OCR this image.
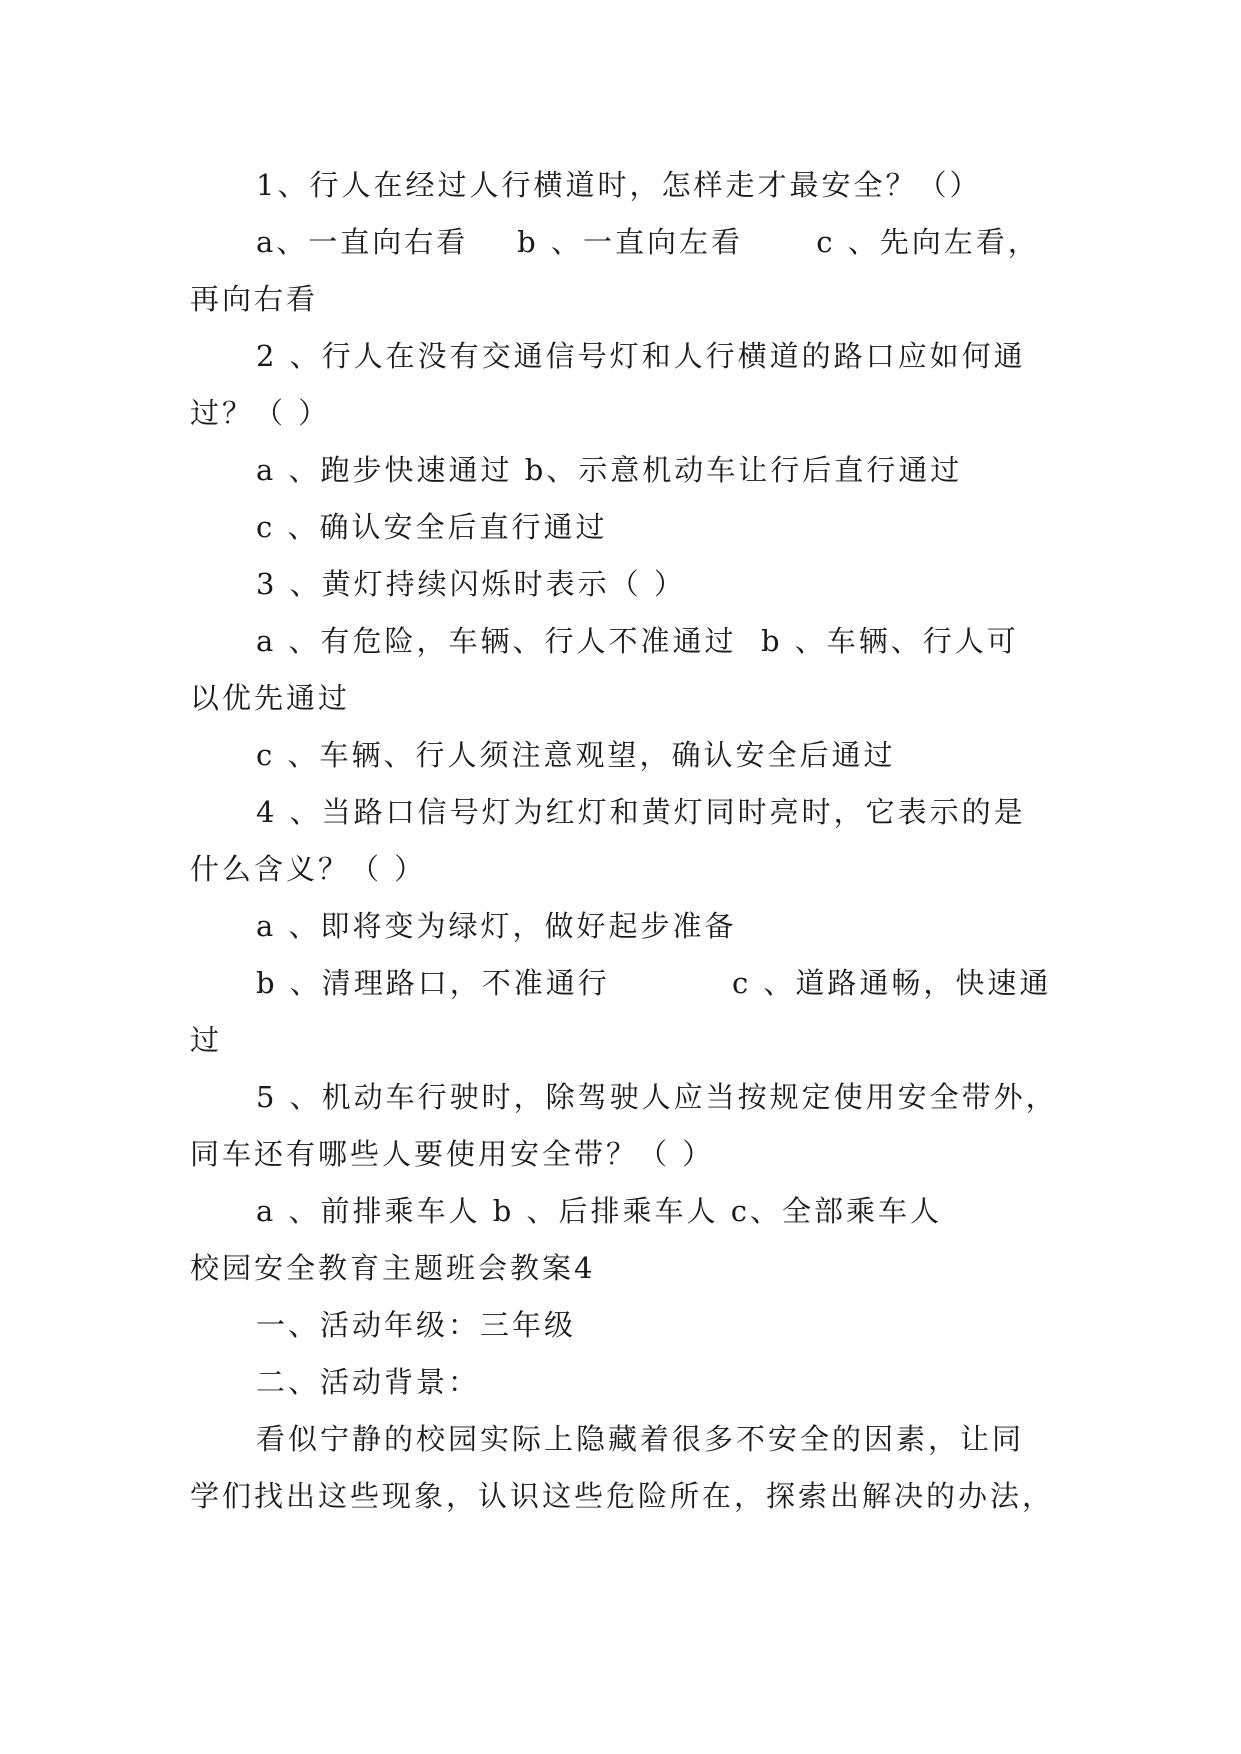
1、行人在经过人行横道时，怎样走才最安全？（）
a、一直向右看    b 、一直向左看      c 、先向左看，
再向右看
2 、行人在没有交通信号灯和人行横道的路口应如何通
过？（ ）
a 、跑步快速通过 b、示意机动车让行后直行通过
c 、确认安全后直行通过
3 、黄灯持续闪烁时表示（ ）
a 、有危险，车辆、行人不准通过  b 、车辆、行人可
以优先通过
c 、车辆、行人须注意观望，确认安全后通过
4 、当路口信号灯为红灯和黄灯同时亮时，它表示的是
什么含义？（ ）
a 、即将变为绿灯，做好起步准备
b 、清理路口，不准通行          c 、道路通畅，快速通
过
5 、机动车行驶时，除驾驶人应当按规定使用安全带外，
同车还有哪些人要使用安全带？（ ）
a 、前排乘车人 b 、后排乘车人 c、全部乘车人
校园安全教育主题班会教案4
一、活动年级：三年级
二、活动背景：
看似宁静的校园实际上隐藏着很多不安全的因素，让同
学们找出这些现象，认识这些危险所在，探索出解决的办法，
